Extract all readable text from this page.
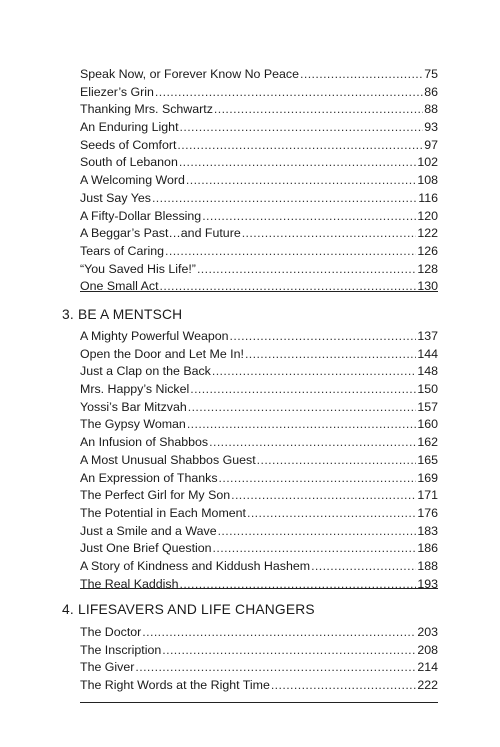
Speak Now, or Forever Know No Peace .....	75
Eliezer’s Grin .....	86
Thanking Mrs. Schwartz .....	88
An Enduring Light .....	93
Seeds of Comfort .....	97
South of Lebanon .....	102
A Welcoming Word .....	108
Just Say Yes .....	116
A Fifty-Dollar Blessing .....	120
A Beggar’s Past…and Future .....	122
Tears of Caring .....	126
“You Saved His Life!” .....	128
One Small Act .....	130
3. BE A MENTSCH
A Mighty Powerful Weapon .....	137
Open the Door and Let Me In! .....	144
Just a Clap on the Back .....	148
Mrs. Happy’s Nickel .....	150
Yossi’s Bar Mitzvah .....	157
The Gypsy Woman .....	160
An Infusion of Shabbos .....	162
A Most Unusual Shabbos Guest .....	165
An Expression of Thanks .....	169
The Perfect Girl for My Son .....	171
The Potential in Each Moment .....	176
Just a Smile and a Wave .....	183
Just One Brief Question .....	186
A Story of Kindness and Kiddush Hashem .....	188
The Real Kaddish .....	193
4. LIFESAVERS AND LIFE CHANGERS
The Doctor .....	203
The Inscription .....	208
The Giver .....	214
The Right Words at the Right Time .....	222
